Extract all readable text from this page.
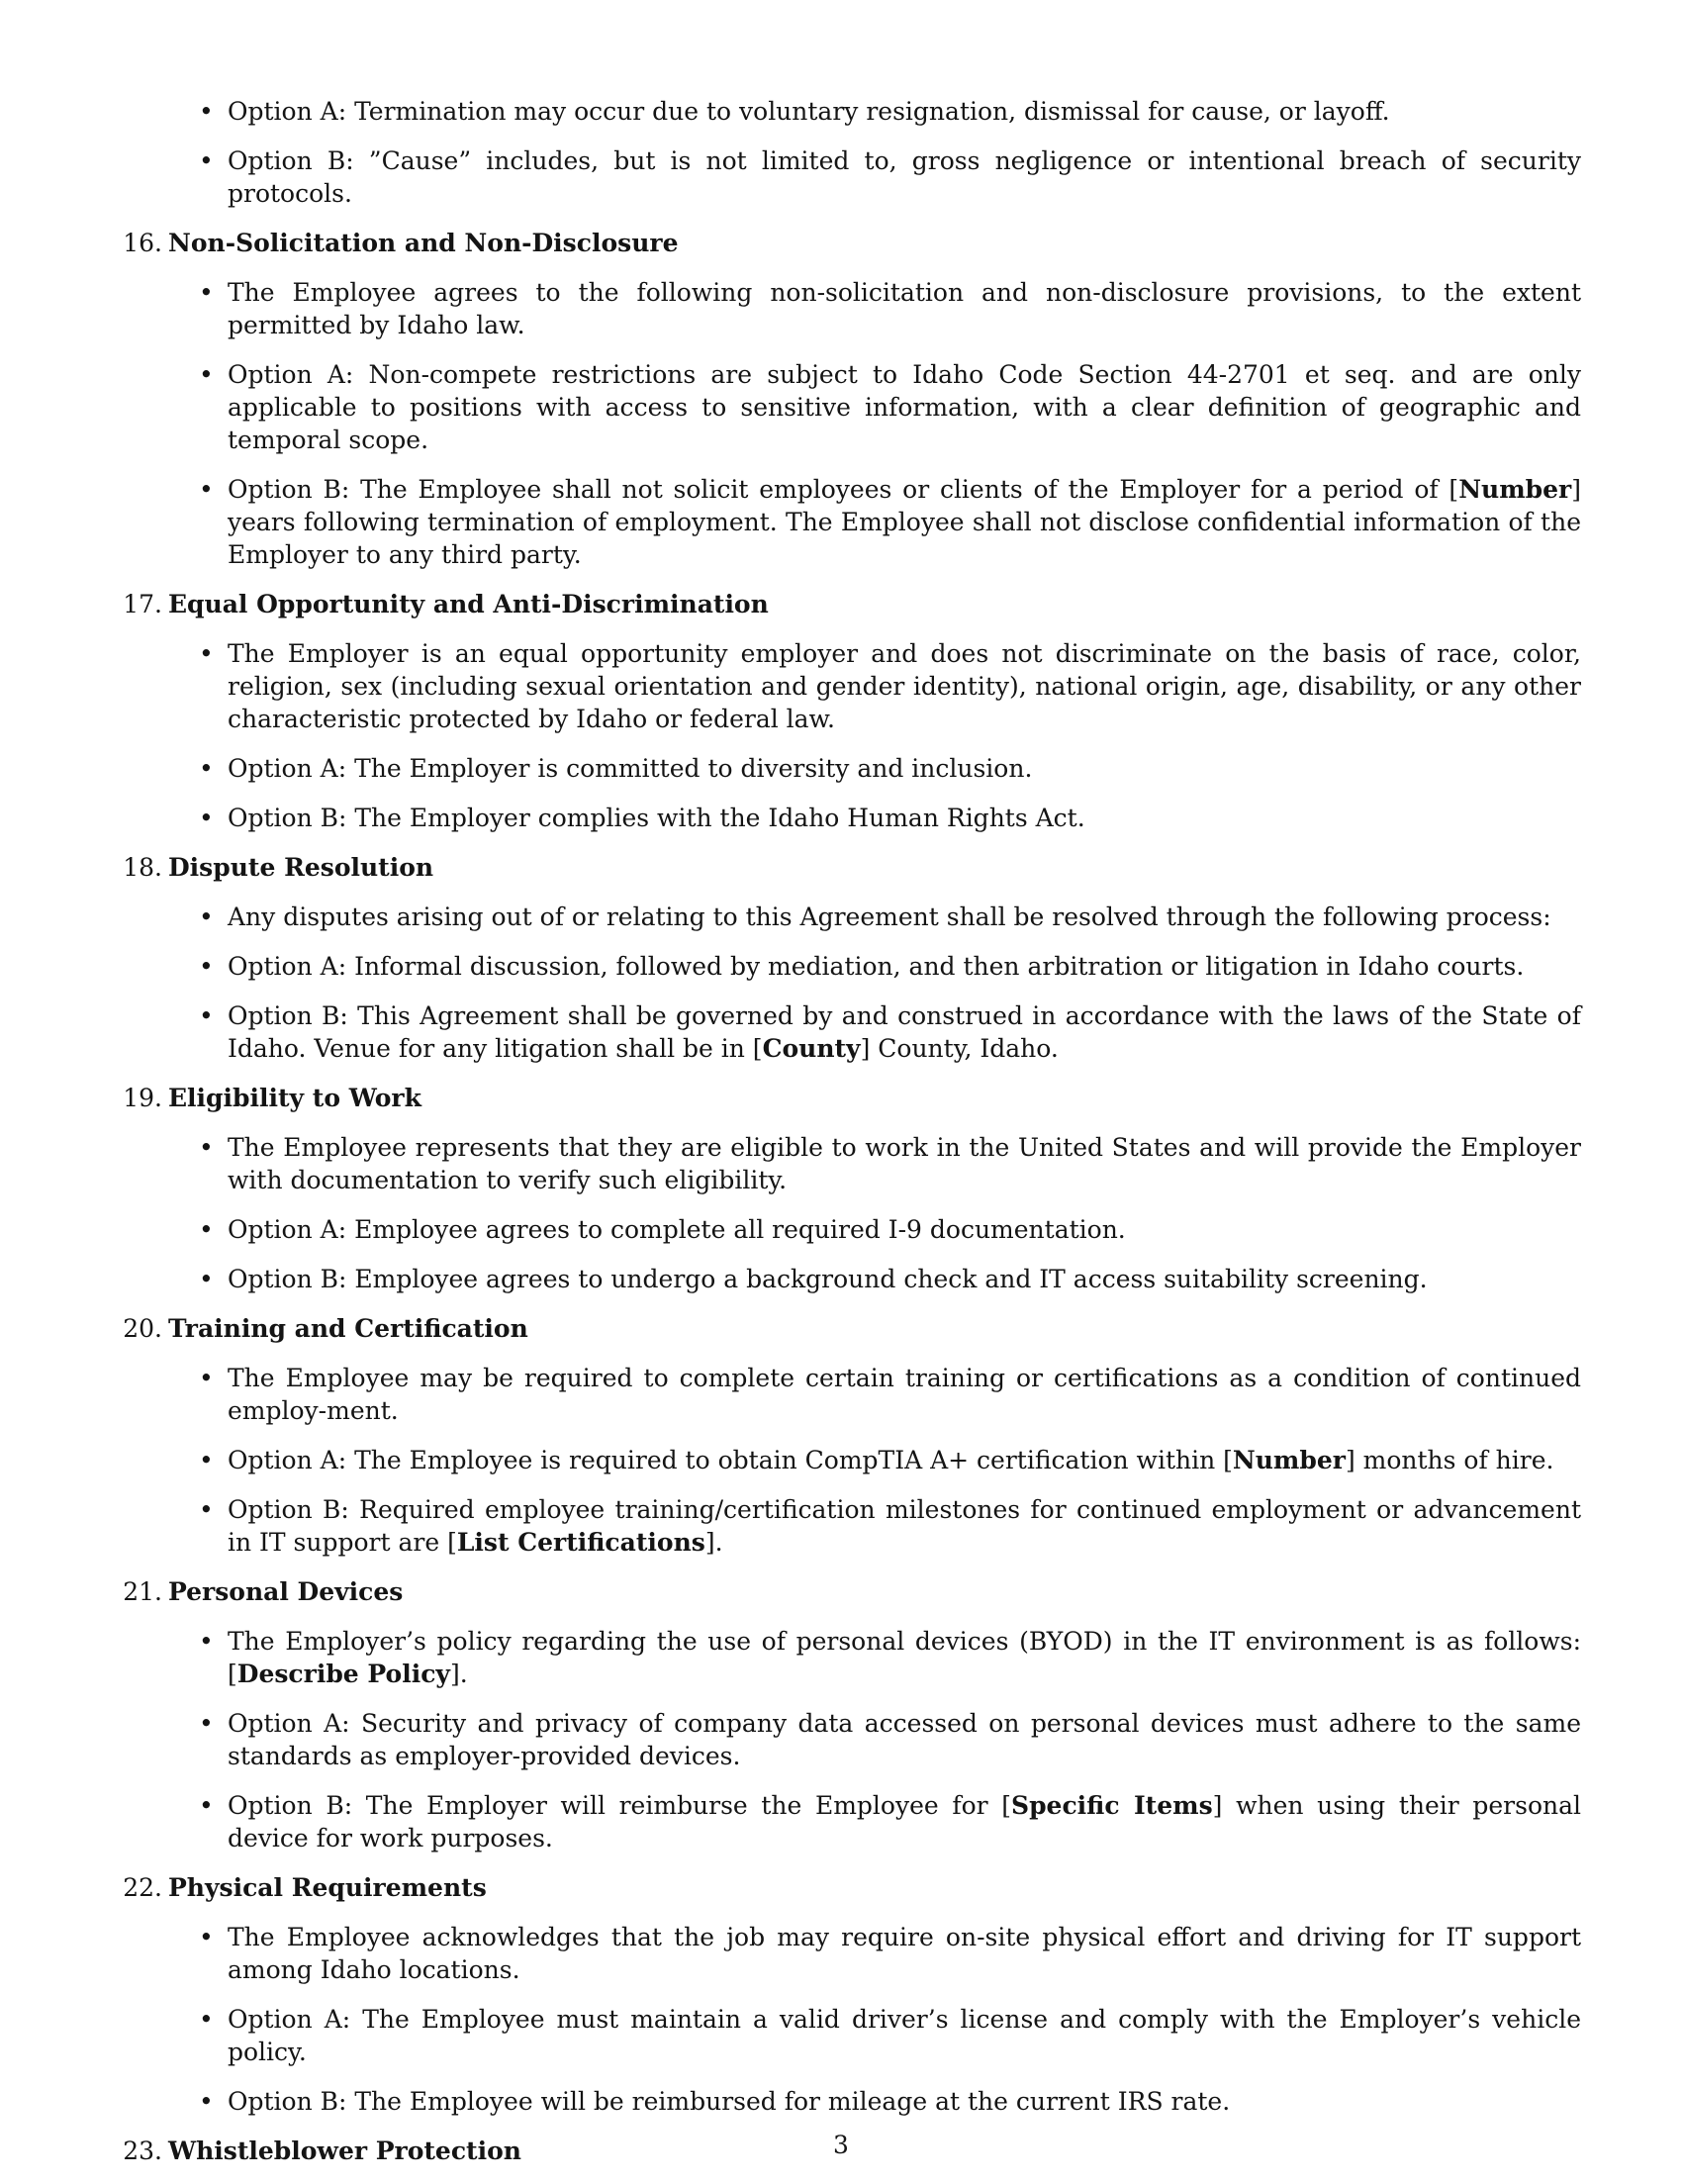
• Option A: Termination may occur due to voluntary resignation, dismissal for cause, or layoff.
• Option B: ”Cause” includes, but is not limited to, gross negligence or intentional breach of security protocols.
16. Non-Solicitation and Non-Disclosure
• The Employee agrees to the following non-solicitation and non-disclosure provisions, to the extent permitted by Idaho law.
• Option A: Non-compete restrictions are subject to Idaho Code Section 44-2701 et seq. and are only applicable to positions with access to sensitive information, with a clear definition of geographic and temporal scope.
• Option B: The Employee shall not solicit employees or clients of the Employer for a period of [Number] years following termination of employment. The Employee shall not disclose confidential information of the Employer to any third party.
17. Equal Opportunity and Anti-Discrimination
• The Employer is an equal opportunity employer and does not discriminate on the basis of race, color, religion, sex (including sexual orientation and gender identity), national origin, age, disability, or any other characteristic protected by Idaho or federal law.
• Option A: The Employer is committed to diversity and inclusion.
• Option B: The Employer complies with the Idaho Human Rights Act.
18. Dispute Resolution
• Any disputes arising out of or relating to this Agreement shall be resolved through the following process:
• Option A: Informal discussion, followed by mediation, and then arbitration or litigation in Idaho courts.
• Option B: This Agreement shall be governed by and construed in accordance with the laws of the State of Idaho. Venue for any litigation shall be in [County] County, Idaho.
19. Eligibility to Work
• The Employee represents that they are eligible to work in the United States and will provide the Employer with documentation to verify such eligibility.
• Option A: Employee agrees to complete all required I-9 documentation.
• Option B: Employee agrees to undergo a background check and IT access suitability screening.
20. Training and Certification
• The Employee may be required to complete certain training or certifications as a condition of continued employ-ment.
• Option A: The Employee is required to obtain CompTIA A+ certification within [Number] months of hire.
• Option B: Required employee training/certification milestones for continued employment or advancement in IT support are [List Certifications].
21. Personal Devices
• The Employer’s policy regarding the use of personal devices (BYOD) in the IT environment is as follows: [Describe Policy].
• Option A: Security and privacy of company data accessed on personal devices must adhere to the same standards as employer-provided devices.
• Option B: The Employer will reimburse the Employee for [Specific Items] when using their personal device for work purposes.
22. Physical Requirements
• The Employee acknowledges that the job may require on-site physical effort and driving for IT support among Idaho locations.
• Option A: The Employee must maintain a valid driver’s license and comply with the Employer’s vehicle policy.
• Option B: The Employee will be reimbursed for mileage at the current IRS rate.
23. Whistleblower Protection	3
